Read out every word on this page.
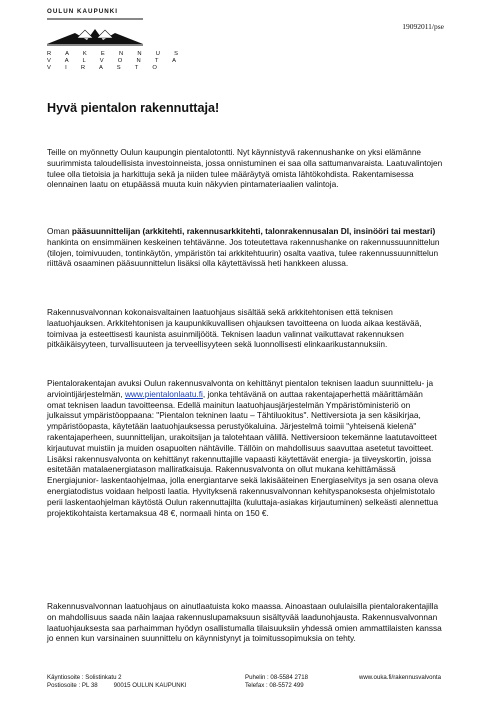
OULUN KAUPUNKI
R A K E N N U S
V A L V O N T A
V I R A S T O
19092011/pse
Hyvä pientalon rakennuttaja!

Teille on myönnetty Oulun kaupungin pientalotontti. Nyt käynnistyvä rakennushanke on yksi elämänne suurimmista taloudellisista investoinneista, jossa onnistuminen ei saa olla sattumanvaraista. Laatuvalintojen tulee olla tietoisia ja harkittuja sekä ja niiden tulee määräytyä omista lähtökohdista. Rakentamisessa olennainen laatu on etupäässä muuta kuin näkyvien pintamateriaalien valintoja.

Oman pääsuunnittelijan (arkkitehti, rakennusarkkitehti, talonrakennusalan DI, insinööri tai mestari) hankinta on ensimmäinen keskeinen tehtävänne. Jos toteutettava rakennushanke on rakennussuunnittelun (tilojen, toimivuuden, tontinkäytön, ympäristön tai arkkitehtuurin) osalta vaativa, tulee rakennussuunnittelun riittävä osaaminen pääsuunnittelun lisäksi olla käytettävissä heti hankkeen alussa.

Rakennusvalvonnan kokonaisvaltainen laatuohjaus sisältää sekä arkkitehtonisen että teknisen laatuohjauksen. Arkkitehtonisen ja kaupunkikuvallisen ohjauksen tavoitteena on luoda aikaa kestävää, toimivaa ja esteettisesti kaunista asuinmiljöötä. Teknisen laadun valinnat vaikuttavat rakennuksen pitkäikäisyyteen, turvallisuuteen ja terveellisyyteen sekä luonnollisesti elinkaarikustannuksiin.

Pientalorakentajan avuksi Oulun rakennusvalvonta on kehittänyt pientalon teknisen laadun suunnittelu- ja arviointijärjestelmän, www.pientalonlaatu.fi, jonka tehtävänä on auttaa rakentajaperhettä määrittämään omat teknisen laadun tavoitteensa. Edellä mainitun laatuohjausjärjestelmän Ympäristöministeriö on julkaissut ympäristöoppaana: "Pientalon tekninen laatu – Tähtiluokitus". Nettiversiota ja sen käsikirjaa, ympäristöopasta, käytetään laatuohjauksessa perustyökaluina. Järjestelmä toimii "yhteisenä kielenä" rakentajaperheen, suunnittelijan, urakoitsijan ja talotehtaan välillä. Nettiversioon tekemänne laatutavoitteet kirjautuvat muistiin ja muiden osapuolten nähtäville. Tällöin on mahdollisuus saavuttaa asetetut tavoitteet.
Lisäksi rakennusvalvonta on kehittänyt rakennuttajille vapaasti käytettävät energia- ja tiiveyskortin, joissa esitetään matalaenergiatason malliratkaisuja. Rakennusvalvonta on ollut mukana kehittämässä Energiajunior- laskentaohjelmaa, jolla energiantarve sekä lakisääteinen Energiaselvitys ja sen osana oleva energiatodistus voidaan helposti laatia. Hyvityksenä rakennusvalvonnan kehityspanoksesta ohjelmistotalo perii laskentaohjelman käytöstä Oulun rakennuttajilta (kuluttaja-asiakas kirjautuminen) selkeästi alennettua projektikohtaista kertamaksua 48 €, normaali hinta on 150 €.

Rakennusvalvonnan laatuohjaus on ainutlaatuista koko maassa. Ainoastaan oululaisilla pientalorakentajilla on mahdollisuus saada näin laajaa rakennuslupamaksuun sisältyvää laadunohjausta. Rakennusvalvonnan laatuohjauksesta saa parhaimman hyödyn osallistumalla tilaisuuksiin yhdessä omien ammattilaisten kanssa jo ennen kun varsinainen suunnittelu on käynnistynyt ja toimitussopimuksia on tehty.

Käyntiosoite : Solistinkatu 2
Postiosoite : PL 38	90015 OULUN KAUPUNKI
Puhelin : 08-5584 2718
Telefax : 08-5572 499
www.ouka.fi/rakennusvalvonta
